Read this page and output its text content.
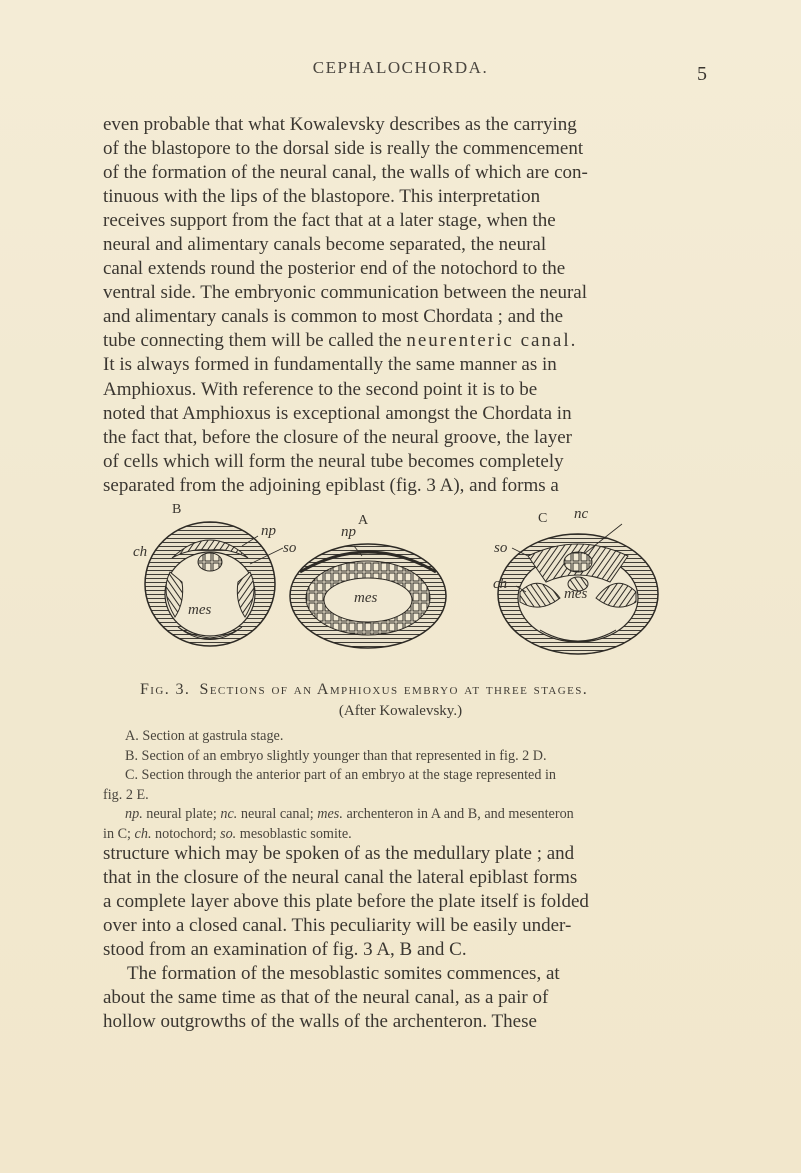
CEPHALOCHORDA.	5

even probable that what Kowalevsky describes as the carrying

of the blastopore to the dorsal side is really the commencement

of the formation of the neural canal, the walls of which are con-

tinuous with the lips of the blastopore. This interpretation

receives support from the fact that at a later stage, when the

neural and alimentary canals become separated, the neural

canal extends round the posterior end of the notochord to the

ventral side. The embryonic communication between the neural

and alimentary canals is common to most Chordata ; and the

tube connecting them will be called the neurenteric canal.

It is always formed in fundamentally the same manner as in

Amphioxus. With reference to the second point it is to be

noted that Amphioxus is exceptional amongst the Chordata in

the fact that, before the closure of the neural groove, the layer

of cells which will form the neural tube becomes completely

separated from the adjoining epiblast (fig. 3 A), and forms a

B
np
so
ch
mes
np
A
mes
C nc
so
ch
mes
Fig. 3. Sections of an Amphioxus embryo at three stages.
(After Kowalevsky.)
A. Section at gastrula stage.
B. Section of an embryo slightly younger than that represented in fig. 2 D.
C. Section through the anterior part of an embryo at the stage represented in
fig. 2 E.
np. neural plate; nc. neural canal; mes. archenteron in A and B, and mesenteron
in C; ch. notochord; so. mesoblastic somite.

structure which may be spoken of as the medullary plate ; and

that in the closure of the neural canal the lateral epiblast forms

a complete layer above this plate before the plate itself is folded

over into a closed canal. This peculiarity will be easily under-

stood from an examination of fig. 3 A, B and C.

The formation of the mesoblastic somites commences, at

about the same time as that of the neural canal, as a pair of

hollow outgrowths of the walls of the archenteron. These
